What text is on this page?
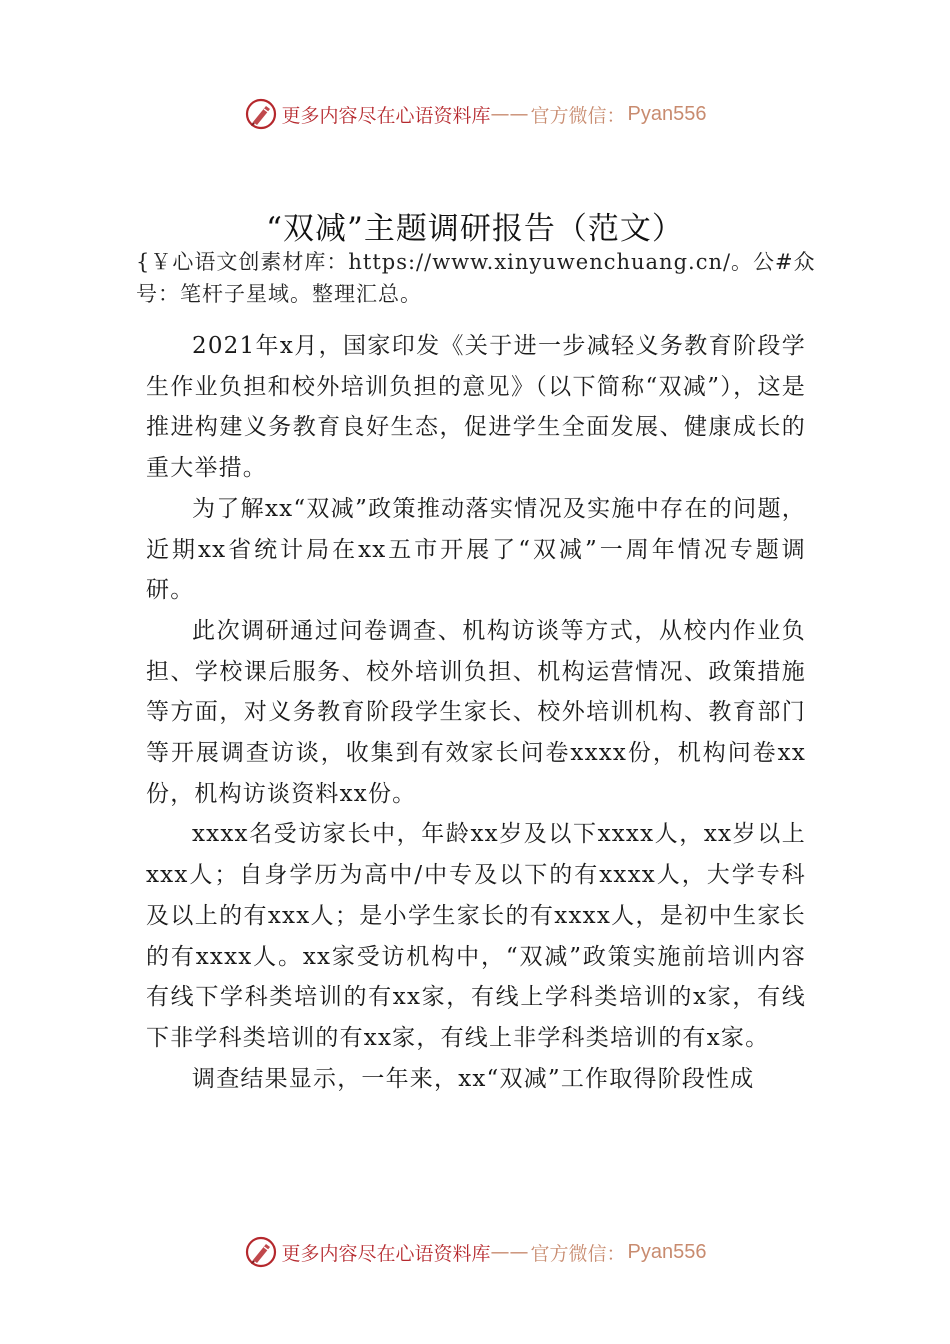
更多内容尽在心语资料库 —— 官方微信： Pyan556
“双减”主题调研报告（范文）
{￥心语文创素材库：https://www.xinyuwenchuang.cn/。公#众号：笔杆子星域。整理汇总。

2021年x月，国家印发《关于进一步减轻义务教育阶段学生作业负担和校外培训负担的意见》（以下简称“双减”），这是推进构建义务教育良好生态，促进学生全面发展、健康成长的重大举措。

为了解xx“双减”政策推动落实情况及实施中存在的问题，近期xx省统计局在xx五市开展了“双减”一周年情况专题调研。

此次调研通过问卷调查、机构访谈等方式，从校内作业负担、学校课后服务、校外培训负担、机构运营情况、政策措施等方面，对义务教育阶段学生家长、校外培训机构、教育部门等开展调查访谈，收集到有效家长问卷xxxx份，机构问卷xx份，机构访谈资料xx份。

xxxx名受访家长中，年龄xx岁及以下xxxx人，xx岁以上xxx人；自身学历为高中/中专及以下的有xxxx人，大学专科及以上的有xxx人；是小学生家长的有xxxx人，是初中生家长的有xxxx人。xx家受访机构中，“双减”政策实施前培训内容有线下学科类培训的有xx家，有线上学科类培训的x家，有线下非学科类培训的有xx家，有线上非学科类培训的有x家。

调查结果显示，一年来，xx“双减”工作取得阶段性成

更多内容尽在心语资料库 —— 官方微信： Pyan556
